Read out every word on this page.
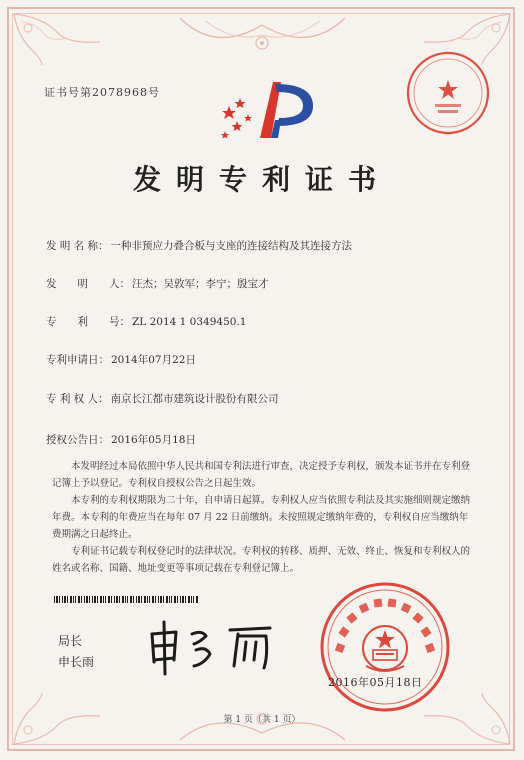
证书号第2078968号
发明专利证书
发 明 名 称： 一种非预应力叠合板与支座的连接结构及其连接方法
发　　明　　人： 汪杰；吴敦军；李宁；殷宝才
专　　利　　号： ZL 2014 1 0349450.1
专利申请日： 2014年07月22日
专 利 权 人： 南京长江都市建筑设计股份有限公司
授权公告日： 2016年05月18日

本发明经过本局依照中华人民共和国专利法进行审查，决定授予专利权，颁发本证书并在专利登记簿上予以登记。专利权自授权公告之日起生效。

本专利的专利权期限为二十年，自申请日起算。专利权人应当依照专利法及其实施细则规定缴纳年费。本专利的年费应当在每年 07 月 22 日前缴纳。未按照规定缴纳年费的，专利权自应当缴纳年费期满之日起终止。

专利证书记载专利权登记时的法律状况。专利权的转移、质押、无效、终止、恢复和专利权人的姓名或名称、国籍、地址变更等事项记载在专利登记簿上。

局长
申长雨
2016年05月18日
第 1 页（共 1 页）
